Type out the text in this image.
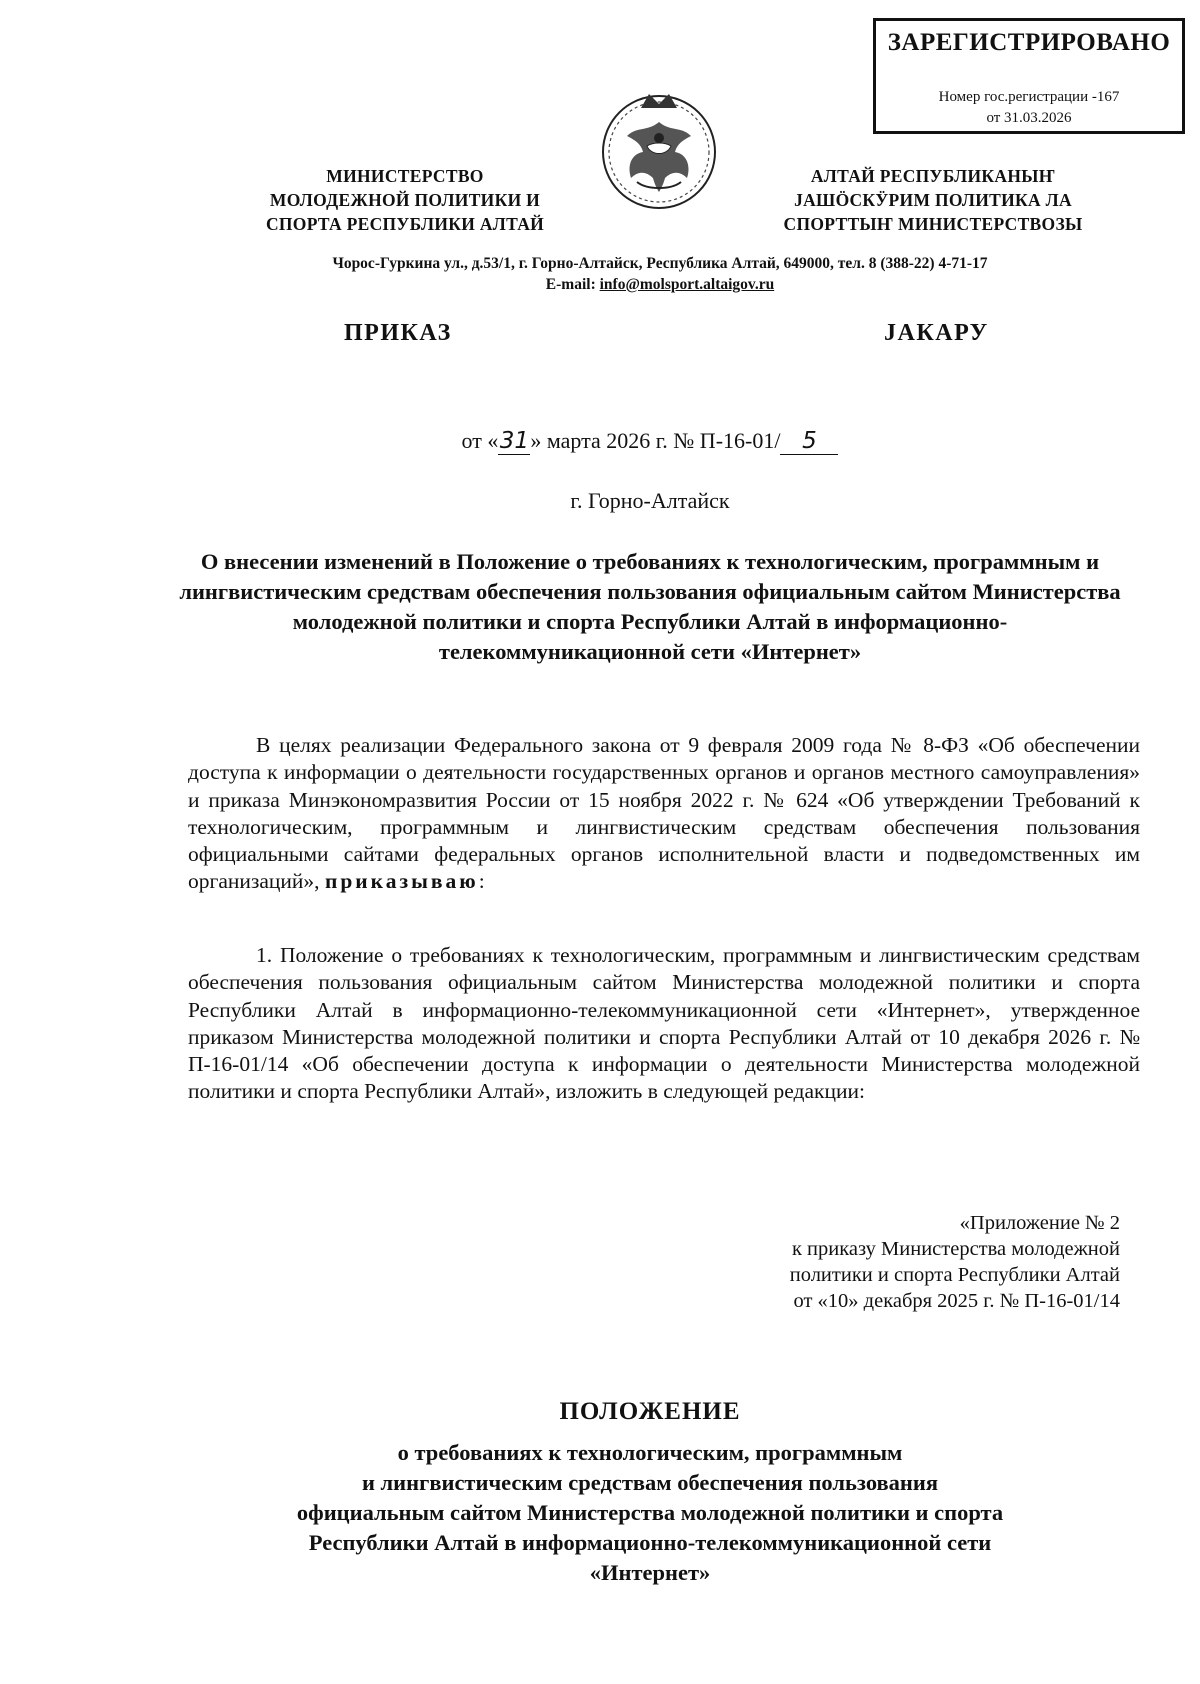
ЗАРЕГИСТРИРОВАНО
Номер гос.регистрации -167
от 31.03.2026
МИНИСТЕРСТВО
МОЛОДЕЖНОЙ ПОЛИТИКИ И
СПОРТА РЕСПУБЛИКИ АЛТАЙ
АЛТАЙ РЕСПУБЛИКАНЫҤ
ЈАШӦСКӰРИМ ПОЛИТИКА ЛА
СПОРТТЫҤ МИНИСТЕРСТВОЗЫ
Чорос-Гуркина ул., д.53/1, г. Горно-Алтайск, Республика Алтай, 649000, тел. 8 (388-22) 4-71-17
E-mail: info@molsport.altaigov.ru
ПРИКАЗ	ЈАКАРУ
от «31» марта 2026 г. № П-16-01/ 5
г. Горно-Алтайск
О внесении изменений в Положение о требованиях к технологическим, программным и лингвистическим средствам обеспечения пользования официальным сайтом Министерства молодежной политики и спорта Республики Алтай в информационно-телекоммуникационной сети «Интернет»
В целях реализации Федерального закона от 9 февраля 2009 года № 8-ФЗ «Об обеспечении доступа к информации о деятельности государственных органов и органов местного самоуправления» и приказа Минэкономразвития России от 15 ноября 2022 г. № 624 «Об утверждении Требований к технологическим, программным и лингвистическим средствам обеспечения пользования официальными сайтами федеральных органов исполнительной власти и подведомственных им организаций», приказываю:
1. Положение о требованиях к технологическим, программным и лингвистическим средствам обеспечения пользования официальным сайтом Министерства молодежной политики и спорта Республики Алтай в информационно-телекоммуникационной сети «Интернет», утвержденное приказом Министерства молодежной политики и спорта Республики Алтай от 10 декабря 2026 г. № П-16-01/14 «Об обеспечении доступа к информации о деятельности Министерства молодежной политики и спорта Республики Алтай», изложить в следующей редакции:
«Приложение № 2
к приказу Министерства молодежной
политики и спорта Республики Алтай
от «10» декабря 2025 г. № П-16-01/14
ПОЛОЖЕНИЕ
о требованиях к технологическим, программным
и лингвистическим средствам обеспечения пользования
официальным сайтом Министерства молодежной политики и спорта
Республики Алтай в информационно-телекоммуникационной сети
«Интернет»
